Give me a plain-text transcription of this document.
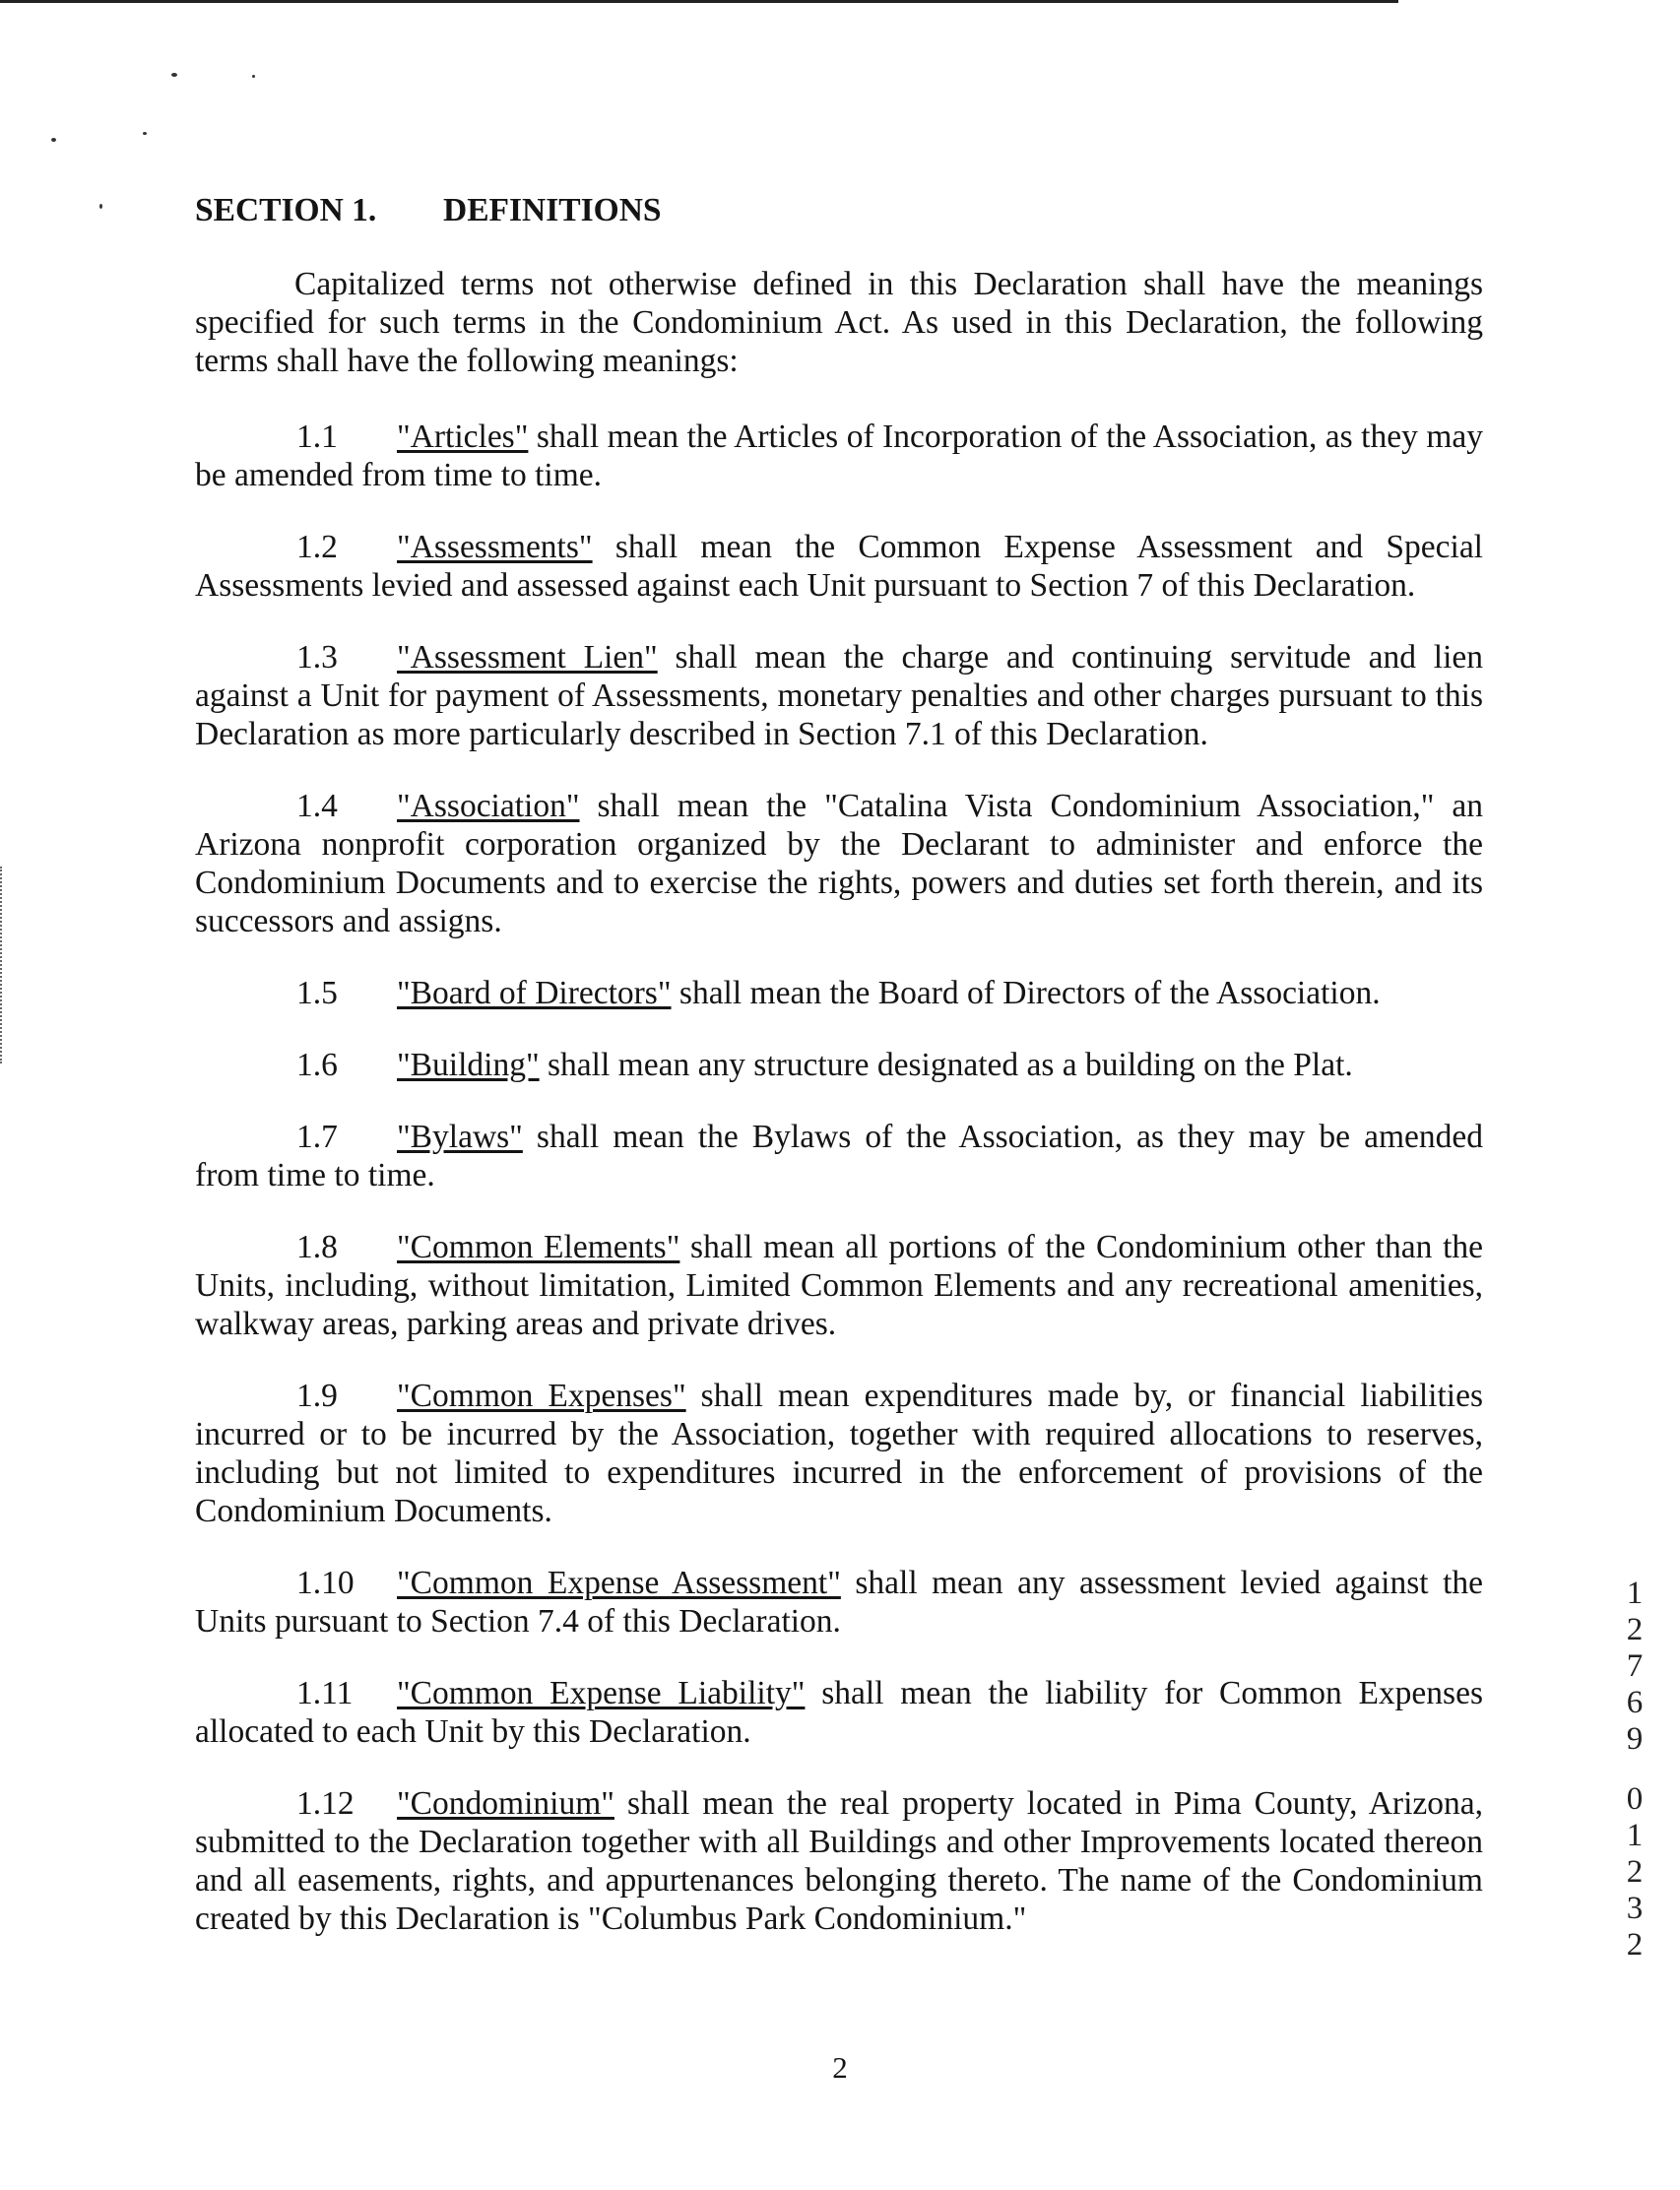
SECTION 1. DEFINITIONS

Capitalized terms not otherwise defined in this Declaration shall have the meanings specified for such terms in the Condominium Act. As used in this Declaration, the following terms shall have the following meanings:

1.1 "Articles" shall mean the Articles of Incorporation of the Association, as they may be amended from time to time.

1.2 "Assessments" shall mean the Common Expense Assessment and Special Assessments levied and assessed against each Unit pursuant to Section 7 of this Declaration.

1.3 "Assessment Lien" shall mean the charge and continuing servitude and lien against a Unit for payment of Assessments, monetary penalties and other charges pursuant to this Declaration as more particularly described in Section 7.1 of this Declaration.

1.4 "Association" shall mean the "Catalina Vista Condominium Association," an Arizona nonprofit corporation organized by the Declarant to administer and enforce the Condominium Documents and to exercise the rights, powers and duties set forth therein, and its successors and assigns.

1.5 "Board of Directors" shall mean the Board of Directors of the Association.

1.6 "Building" shall mean any structure designated as a building on the Plat.

1.7 "Bylaws" shall mean the Bylaws of the Association, as they may be amended from time to time.

1.8 "Common Elements" shall mean all portions of the Condominium other than the Units, including, without limitation, Limited Common Elements and any recreational amenities, walkway areas, parking areas and private drives.

1.9 "Common Expenses" shall mean expenditures made by, or financial liabilities incurred or to be incurred by the Association, together with required allocations to reserves, including but not limited to expenditures incurred in the enforcement of provisions of the Condominium Documents.

1.10 "Common Expense Assessment" shall mean any assessment levied against the Units pursuant to Section 7.4 of this Declaration.

1.11 "Common Expense Liability" shall mean the liability for Common Expenses allocated to each Unit by this Declaration.

1.12 "Condominium" shall mean the real property located in Pima County, Arizona, submitted to the Declaration together with all Buildings and other Improvements located thereon and all easements, rights, and appurtenances belonging thereto. The name of the Condominium created by this Declaration is "Columbus Park Condominium."

2
1
2
7
6
9
0
1
2
3
2
